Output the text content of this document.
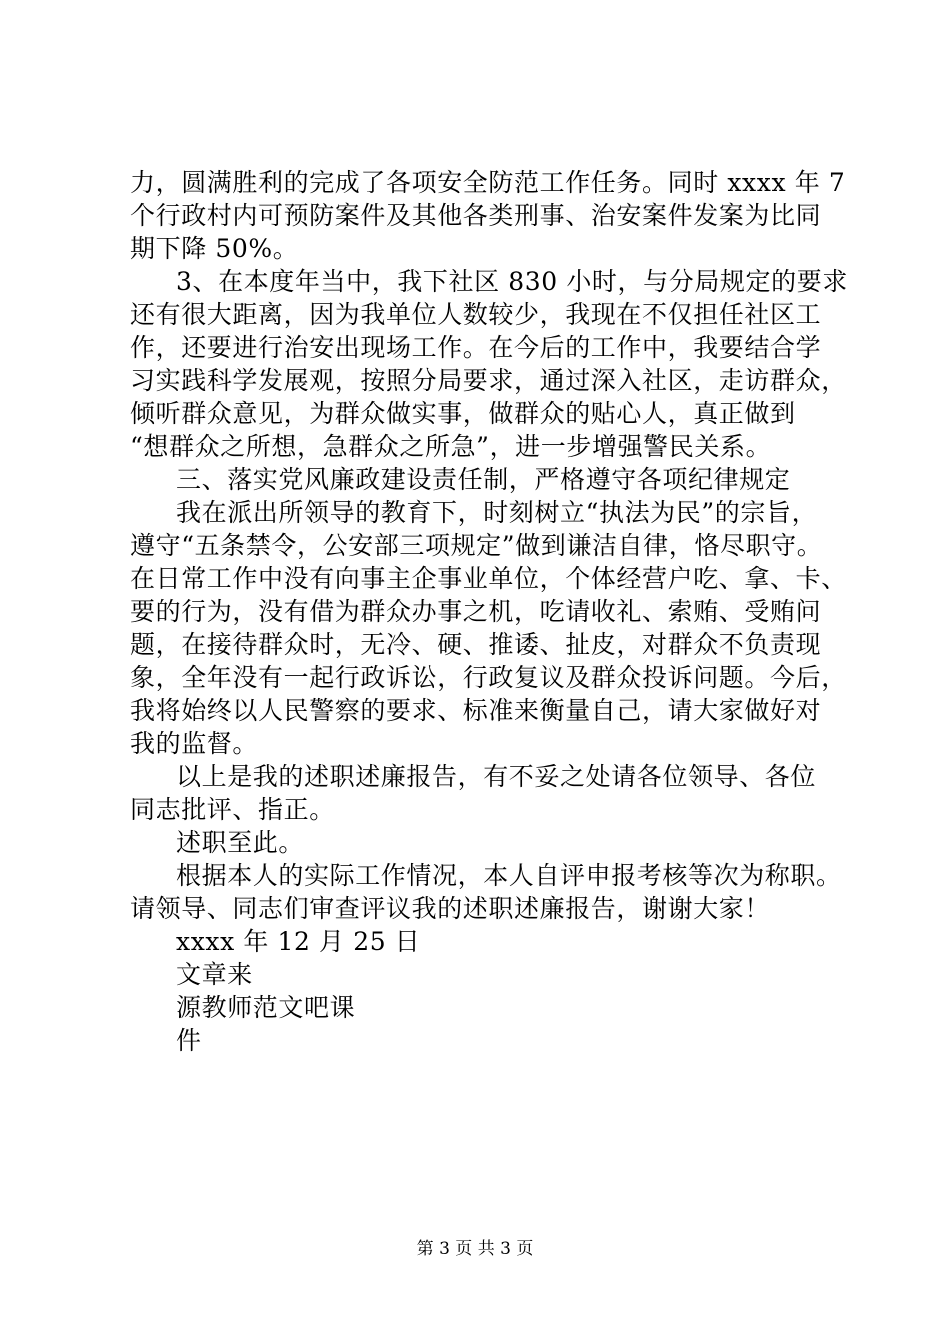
力，圆满胜利的完成了各项安全防范工作任务。同时 xxxx 年 7
个行政村内可预防案件及其他各类刑事、治安案件发案为比同
期下降 50%。
3、在本度年当中，我下社区 830 小时，与分局规定的要求
还有很大距离，因为我单位人数较少，我现在不仅担任社区工
作，还要进行治安出现场工作。在今后的工作中，我要结合学
习实践科学发展观，按照分局要求，通过深入社区，走访群众，
倾听群众意见，为群众做实事，做群众的贴心人，真正做到
“想群众之所想，急群众之所急”，进一步增强警民关系。
三、落实党风廉政建设责任制，严格遵守各项纪律规定
我在派出所领导的教育下，时刻树立“执法为民”的宗旨，
遵守“五条禁令，公安部三项规定”做到谦洁自律，恪尽职守。
在日常工作中没有向事主企事业单位，个体经营户吃、拿、卡、
要的行为，没有借为群众办事之机，吃请收礼、索贿、受贿问
题，在接待群众时，无冷、硬、推诿、扯皮，对群众不负责现
象，全年没有一起行政诉讼，行政复议及群众投诉问题。今后，
我将始终以人民警察的要求、标准来衡量自己，请大家做好对
我的监督。
以上是我的述职述廉报告，有不妥之处请各位领导、各位
同志批评、指正。
述职至此。
根据本人的实际工作情况，本人自评申报考核等次为称职。
请领导、同志们审查评议我的述职述廉报告，谢谢大家！
xxxx 年 12 月 25 日
文章来
源教师范文吧课
件
第 3 页 共 3 页
